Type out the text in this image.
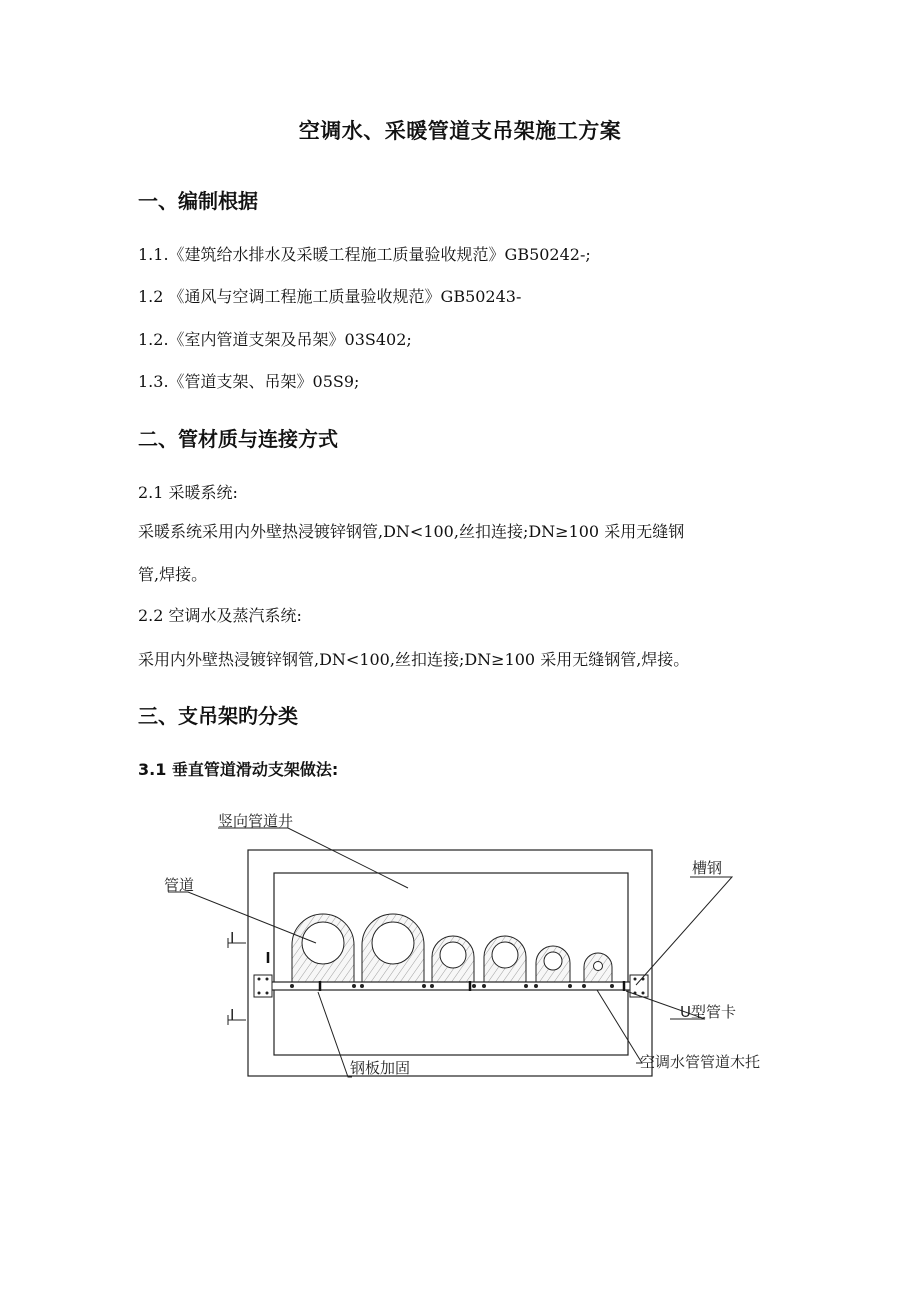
空调水、采暖管道支吊架施工方案
一、编制根据
1.1.《建筑给水排水及采暖工程施工质量验收规范》GB50242-;
1.2 《通风与空调工程施工质量验收规范》GB50243-
1.2.《室内管道支架及吊架》03S402;
1.3.《管道支架、吊架》05S9;
二、管材质与连接方式
2.1 采暖系统:
采暖系统采用内外壁热浸镀锌钢管,DN<100,丝扣连接;DN≥100 采用无缝钢
管,焊接。
2.2 空调水及蒸汽系统:
采用内外壁热浸镀锌钢管,DN<100,丝扣连接;DN≥100 采用无缝钢管,焊接。
三、支吊架旳分类
3.1 垂直管道滑动支架做法:
竖向管道井
管道
槽钢
U型管卡
空调水管管道木托
钢板加固
I
I
